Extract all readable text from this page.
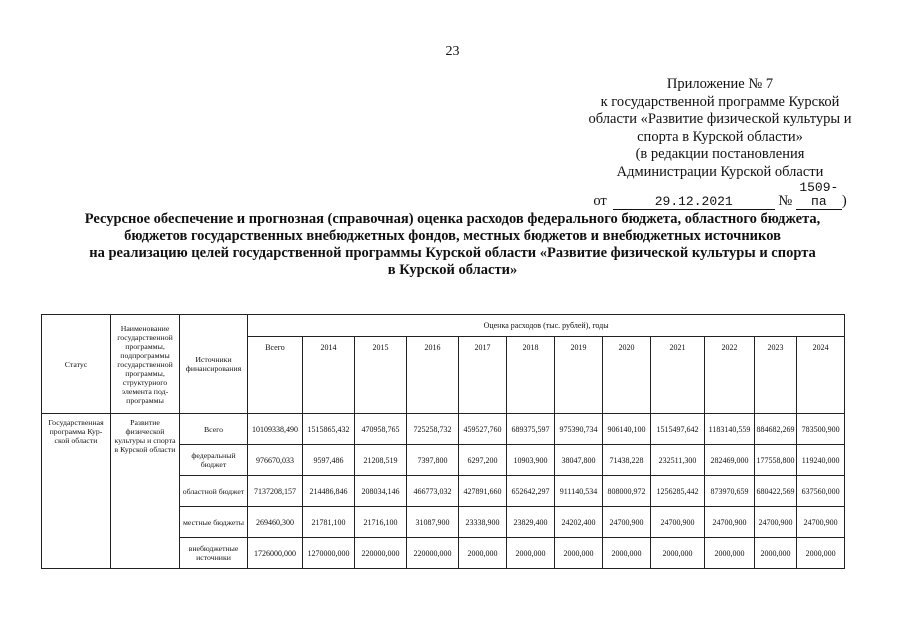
23
Приложение № 7
к государственной программе Курской
области «Развитие физической культуры и
спорта в Курской области»
(в редакции постановления
Администрации Курской области
от	29.12.2021	№ 1509-па )
Ресурсное обеспечение и прогнозная (справочная) оценка расходов федерального бюджета, областного бюджета,
бюджетов государственных внебюджетных фондов, местных бюджетов и внебюджетных источников
на реализацию целей государственной программы Курской области «Развитие физической культуры и спорта
в Курской области»
Статус	Наименование государственной программы, подпрограммы государственной программы, структурного элемента под-программы	Источники финансирования	Оценка расходов (тыс. рублей), годы											
			Всего	2014	2015	2016	2017	2018	2019	2020	2021	2022	2023	2024
Государственная программа Кур-ской области	Развитие физической культуры и спорта в Курской области	Всего	10109338,490	1515865,432	470958,765	725258,732	459527,760	689375,597	975390,734	906140,100	1515497,642	1183140,559	884682,269	783500,900
		федеральный бюджет	976670,033	9597,486	21208,519	7397,800	6297,200	10903,900	38047,800	71438,228	232511,300	282469,000	177558,800	119240,000
		областной бюджет	7137208,157	214486,846	208034,146	466773,032	427891,660	652642,297	911140,534	808000,972	1256285,442	873970,659	680422,569	637560,000
		местные бюджеты	269460,300	21781,100	21716,100	31087,900	23338,900	23829,400	24202,400	24700,900	24700,900	24700,900	24700,900	24700,900
		внебюджетные источники	1726000,000	1270000,000	220000,000	220000,000	2000,000	2000,000	2000,000	2000,000	2000,000	2000,000	2000,000	2000,000
